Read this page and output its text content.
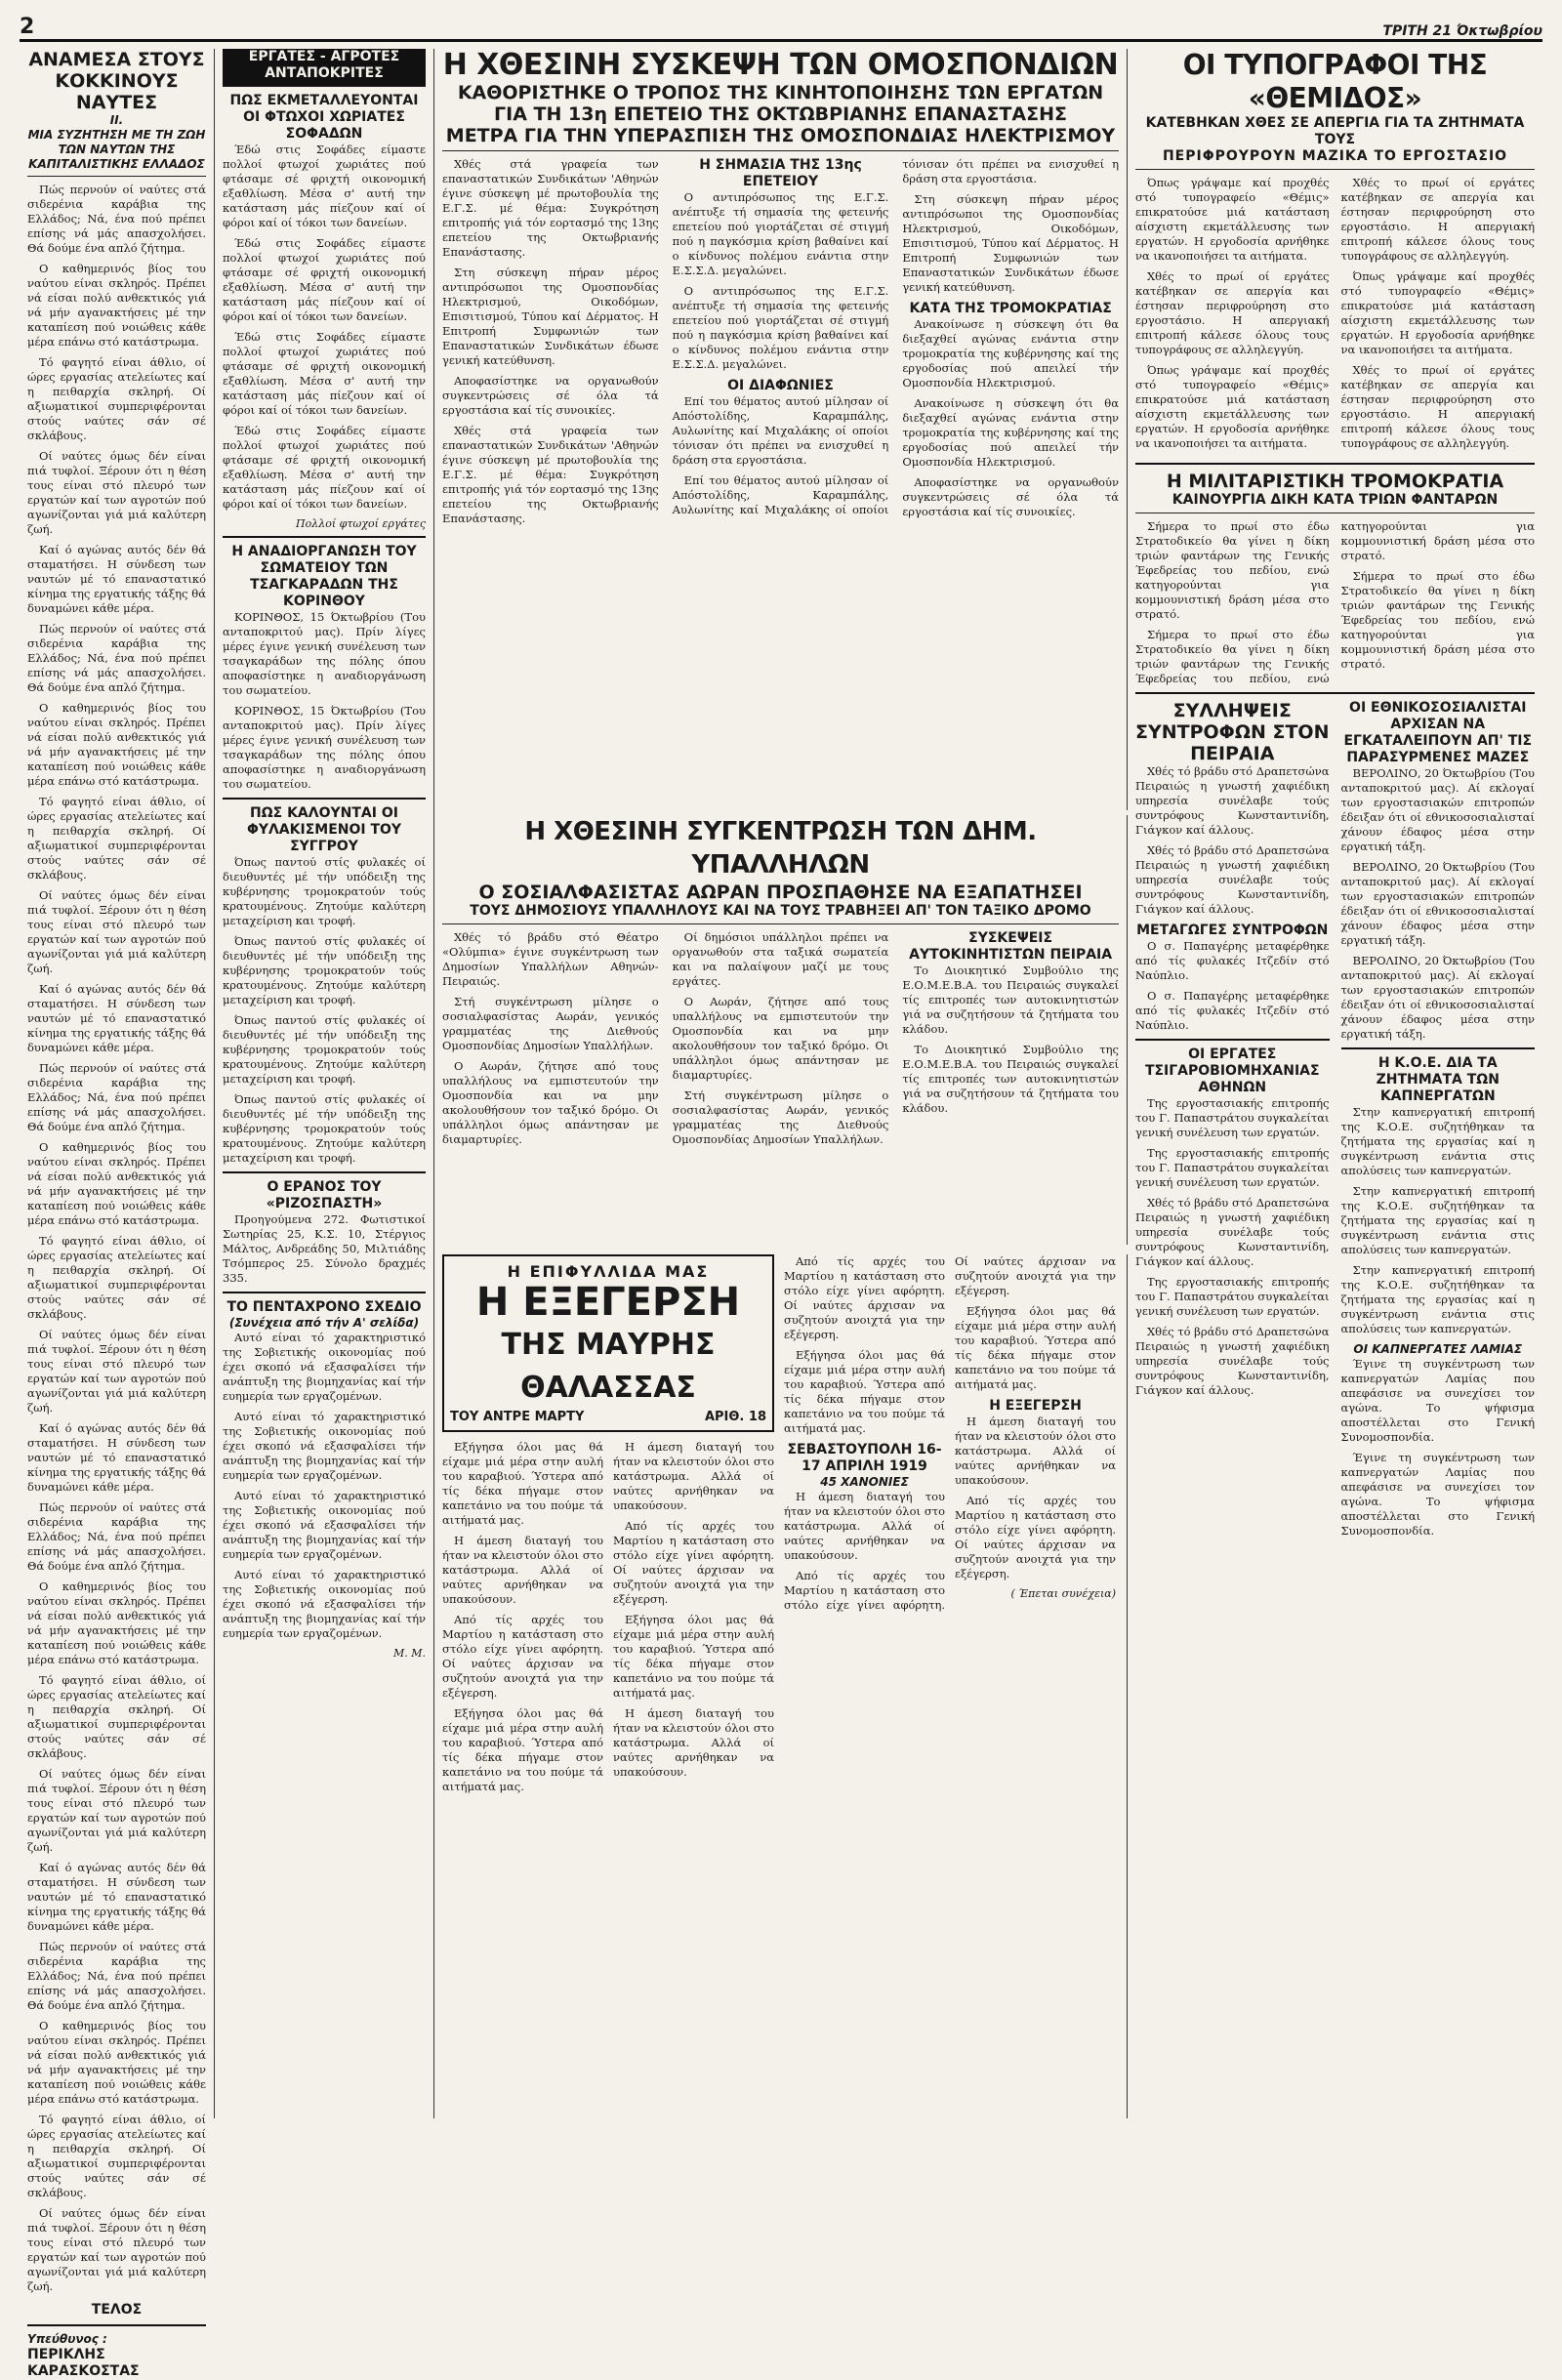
2	ΤΡΙΤΗ 21 Όκτωβρίου
ΑΝΑΜΕΣΑ ΣΤΟΥΣ ΚΟΚΚΙΝΟΥΣ ΝΑΥΤΕΣ
II.
ΜΙΑ ΣΥΖΗΤΗΣΗ ΜΕ ΤΗ ΖΩΗ ΤΩΝ ΝΑΥΤΩΝ ΤΗΣ ΚΑΠΙΤΑΛΙΣΤΙΚΗΣ ΕΛΛΑΔΟΣ

Πώς περνούν οί ναύτες στά σιδερένια καράβια της Ελλάδος; Νά, ένα πού πρέπει επίσης νά μάς απασχολήσει. Θά δούμε ένα απλό ζήτημα.

Ο καθημερινός βίος του ναύτου είναι σκληρός. Πρέπει νά είσαι πολύ ανθεκτικός γιά νά μήν αγανακτήσεις μέ την καταπίεση πού νοιώθεις κάθε μέρα επάνω στό κατάστρωμα.

Τό φαγητό είναι άθλιο, οί ώρες εργασίας ατελείωτες καί η πειθαρχία σκληρή. Οί αξιωματικοί συμπεριφέρονται στούς ναύτες σάν σέ σκλάβους.

Οί ναύτες όμως δέν είναι πιά τυφλοί. Ξέρουν ότι η θέση τους είναι στό πλευρό των εργατών καί των αγροτών πού αγωνίζονται γιά μιά καλύτερη ζωή.

Καί ό αγώνας αυτός δέν θά σταματήσει. Η σύνδεση των ναυτών μέ τό επαναστατικό κίνημα της εργατικής τάξης θά δυναμώνει κάθε μέρα.

Πώς περνούν οί ναύτες στά σιδερένια καράβια της Ελλάδος; Νά, ένα πού πρέπει επίσης νά μάς απασχολήσει. Θά δούμε ένα απλό ζήτημα.

Ο καθημερινός βίος του ναύτου είναι σκληρός. Πρέπει νά είσαι πολύ ανθεκτικός γιά νά μήν αγανακτήσεις μέ την καταπίεση πού νοιώθεις κάθε μέρα επάνω στό κατάστρωμα.

Τό φαγητό είναι άθλιο, οί ώρες εργασίας ατελείωτες καί η πειθαρχία σκληρή. Οί αξιωματικοί συμπεριφέρονται στούς ναύτες σάν σέ σκλάβους.

Οί ναύτες όμως δέν είναι πιά τυφλοί. Ξέρουν ότι η θέση τους είναι στό πλευρό των εργατών καί των αγροτών πού αγωνίζονται γιά μιά καλύτερη ζωή.

Καί ό αγώνας αυτός δέν θά σταματήσει. Η σύνδεση των ναυτών μέ τό επαναστατικό κίνημα της εργατικής τάξης θά δυναμώνει κάθε μέρα.

Πώς περνούν οί ναύτες στά σιδερένια καράβια της Ελλάδος; Νά, ένα πού πρέπει επίσης νά μάς απασχολήσει. Θά δούμε ένα απλό ζήτημα.

Ο καθημερινός βίος του ναύτου είναι σκληρός. Πρέπει νά είσαι πολύ ανθεκτικός γιά νά μήν αγανακτήσεις μέ την καταπίεση πού νοιώθεις κάθε μέρα επάνω στό κατάστρωμα.

Τό φαγητό είναι άθλιο, οί ώρες εργασίας ατελείωτες καί η πειθαρχία σκληρή. Οί αξιωματικοί συμπεριφέρονται στούς ναύτες σάν σέ σκλάβους.

Οί ναύτες όμως δέν είναι πιά τυφλοί. Ξέρουν ότι η θέση τους είναι στό πλευρό των εργατών καί των αγροτών πού αγωνίζονται γιά μιά καλύτερη ζωή.

Καί ό αγώνας αυτός δέν θά σταματήσει. Η σύνδεση των ναυτών μέ τό επαναστατικό κίνημα της εργατικής τάξης θά δυναμώνει κάθε μέρα.

Πώς περνούν οί ναύτες στά σιδερένια καράβια της Ελλάδος; Νά, ένα πού πρέπει επίσης νά μάς απασχολήσει. Θά δούμε ένα απλό ζήτημα.

Ο καθημερινός βίος του ναύτου είναι σκληρός. Πρέπει νά είσαι πολύ ανθεκτικός γιά νά μήν αγανακτήσεις μέ την καταπίεση πού νοιώθεις κάθε μέρα επάνω στό κατάστρωμα.

Τό φαγητό είναι άθλιο, οί ώρες εργασίας ατελείωτες καί η πειθαρχία σκληρή. Οί αξιωματικοί συμπεριφέρονται στούς ναύτες σάν σέ σκλάβους.

Οί ναύτες όμως δέν είναι πιά τυφλοί. Ξέρουν ότι η θέση τους είναι στό πλευρό των εργατών καί των αγροτών πού αγωνίζονται γιά μιά καλύτερη ζωή.

Καί ό αγώνας αυτός δέν θά σταματήσει. Η σύνδεση των ναυτών μέ τό επαναστατικό κίνημα της εργατικής τάξης θά δυναμώνει κάθε μέρα.

Πώς περνούν οί ναύτες στά σιδερένια καράβια της Ελλάδος; Νά, ένα πού πρέπει επίσης νά μάς απασχολήσει. Θά δούμε ένα απλό ζήτημα.

Ο καθημερινός βίος του ναύτου είναι σκληρός. Πρέπει νά είσαι πολύ ανθεκτικός γιά νά μήν αγανακτήσεις μέ την καταπίεση πού νοιώθεις κάθε μέρα επάνω στό κατάστρωμα.

Τό φαγητό είναι άθλιο, οί ώρες εργασίας ατελείωτες καί η πειθαρχία σκληρή. Οί αξιωματικοί συμπεριφέρονται στούς ναύτες σάν σέ σκλάβους.

Οί ναύτες όμως δέν είναι πιά τυφλοί. Ξέρουν ότι η θέση τους είναι στό πλευρό των εργατών καί των αγροτών πού αγωνίζονται γιά μιά καλύτερη ζωή.

ΤΕΛΟΣ
Υπεύθυνος :
ΠΕΡΙΚΛΗΣ ΚΑΡΑΣΚΟΣΤΑΣ
ΕΡΓΑΤΕΣ - ΑΓΡΟΤΕΣ ΑΝΤΑΠΟΚΡΙΤΕΣ
ΠΩΣ ΕΚΜΕΤΑΛΛΕΥΟΝΤΑΙ ΟΙ ΦΤΩΧΟΙ ΧΩΡΙΑΤΕΣ ΣΟΦΑΔΩΝ

Έδώ στις Σοφάδες είμαστε πολλοί φτωχοί χωριάτες πού φτάσαμε σέ φριχτή οικονομική εξαθλίωση. Μέσα σ' αυτή την κατάσταση μάς πίεζουν καί οί φόροι καί οί τόκοι των δανείων.

Έδώ στις Σοφάδες είμαστε πολλοί φτωχοί χωριάτες πού φτάσαμε σέ φριχτή οικονομική εξαθλίωση. Μέσα σ' αυτή την κατάσταση μάς πίεζουν καί οί φόροι καί οί τόκοι των δανείων.

Έδώ στις Σοφάδες είμαστε πολλοί φτωχοί χωριάτες πού φτάσαμε σέ φριχτή οικονομική εξαθλίωση. Μέσα σ' αυτή την κατάσταση μάς πίεζουν καί οί φόροι καί οί τόκοι των δανείων.

Έδώ στις Σοφάδες είμαστε πολλοί φτωχοί χωριάτες πού φτάσαμε σέ φριχτή οικονομική εξαθλίωση. Μέσα σ' αυτή την κατάσταση μάς πίεζουν καί οί φόροι καί οί τόκοι των δανείων.

Πολλοί φτωχοί εργάτες
Η ΑΝΑΔΙΟΡΓΑΝΩΣΗ ΤΟΥ ΣΩΜΑΤΕΙΟΥ ΤΩΝ ΤΣΑΓΚΑΡΑΔΩΝ ΤΗΣ ΚΟΡΙΝΘΟΥ

ΚΟΡΙΝΘΟΣ, 15 Όκτωβρίου (Του ανταποκριτού μας). Πρίν λίγες μέρες έγινε γενική συνέλευση των τσαγκαράδων της πόλης όπου αποφασίστηκε η αναδιοργάνωση του σωματείου.

ΚΟΡΙΝΘΟΣ, 15 Όκτωβρίου (Του ανταποκριτού μας). Πρίν λίγες μέρες έγινε γενική συνέλευση των τσαγκαράδων της πόλης όπου αποφασίστηκε η αναδιοργάνωση του σωματείου.

ΠΩΣ ΚΑΛΟΥΝΤΑΙ ΟΙ ΦΥΛΑΚΙΣΜΕΝΟΙ ΤΟΥ ΣΥΓΓΡΟΥ

Όπως παντού στίς φυλακές οί διευθυντές μέ τήν υπόδειξη της κυβέρνησης τρομοκρατούν τούς κρατουμένους. Ζητούμε καλύτερη μεταχείριση και τροφή.

Όπως παντού στίς φυλακές οί διευθυντές μέ τήν υπόδειξη της κυβέρνησης τρομοκρατούν τούς κρατουμένους. Ζητούμε καλύτερη μεταχείριση και τροφή.

Όπως παντού στίς φυλακές οί διευθυντές μέ τήν υπόδειξη της κυβέρνησης τρομοκρατούν τούς κρατουμένους. Ζητούμε καλύτερη μεταχείριση και τροφή.

Όπως παντού στίς φυλακές οί διευθυντές μέ τήν υπόδειξη της κυβέρνησης τρομοκρατούν τούς κρατουμένους. Ζητούμε καλύτερη μεταχείριση και τροφή.

Ο ΕΡΑΝΟΣ ΤΟΥ «ΡΙΖΟΣΠΑΣΤΗ»

Προηγούμενα 272. Φωτιστικοί Σωτηρίας 25, Κ.Σ. 10, Στέργιος Μάλτος, Ανδρεάδης 50, Μιλτιάδης Τσόμπερος 25. Σύνολο δραχμές 335.

ΤΟ ΠΕΝΤΑΧΡΟΝΟ ΣΧΕΔΙΟ
(Συνέχεια από τήν Α' σελίδα)

Αυτό είναι τό χαρακτηριστικό της Σοβιετικής οικονομίας πού έχει σκοπό νά εξασφαλίσει τήν ανάπτυξη της βιομηχανίας καί τήν ευημερία των εργαζομένων.

Αυτό είναι τό χαρακτηριστικό της Σοβιετικής οικονομίας πού έχει σκοπό νά εξασφαλίσει τήν ανάπτυξη της βιομηχανίας καί τήν ευημερία των εργαζομένων.

Αυτό είναι τό χαρακτηριστικό της Σοβιετικής οικονομίας πού έχει σκοπό νά εξασφαλίσει τήν ανάπτυξη της βιομηχανίας καί τήν ευημερία των εργαζομένων.

Αυτό είναι τό χαρακτηριστικό της Σοβιετικής οικονομίας πού έχει σκοπό νά εξασφαλίσει τήν ανάπτυξη της βιομηχανίας καί τήν ευημερία των εργαζομένων.

Μ. Μ.
Η ΧΘΕΣΙΝΗ ΣΥΣΚΕΨΗ ΤΩΝ ΟΜΟΣΠΟΝΔΙΩΝ
ΚΑΘΟΡΙΣΤΗΚΕ Ο ΤΡΟΠΟΣ ΤΗΣ ΚΙΝΗΤΟΠΟΙΗΣΗΣ ΤΩΝ ΕΡΓΑΤΩΝ ΓΙΑ ΤΗ 13η ΕΠΕΤΕΙΟ ΤΗΣ ΟΚΤΩΒΡΙΑΝΗΣ ΕΠΑΝΑΣΤΑΣΗΣ
ΜΕΤΡΑ ΓΙΑ ΤΗΝ ΥΠΕΡΑΣΠΙΣΗ ΤΗΣ ΟΜΟΣΠΟΝΔΙΑΣ ΗΛΕΚΤΡΙΣΜΟΥ

Χθές στά γραφεία των επαναστατικών Συνδικάτων 'Αθηνών έγινε σύσκεψη μέ πρωτοβουλία της Ε.Γ.Σ. μέ θέμα: Συγκρότηση επιτροπής γιά τόν εορτασμό της 13ης επετείου της Οκτωβριανής Επανάστασης.

Στη σύσκεψη πήραν μέρος αντιπρόσωποι της Ομοσπονδίας Ηλεκτρισμού, Οικοδόμων, Επισιτισμού, Τύπου καί Δέρματος. Η Επιτροπή Συμφωνιών των Επαναστατικών Συνδικάτων έδωσε γενική κατεύθυνση.

Αποφασίστηκε να οργανωθούν συγκεντρώσεις σέ όλα τά εργοστάσια καί τίς συνοικίες.

Χθές στά γραφεία των επαναστατικών Συνδικάτων 'Αθηνών έγινε σύσκεψη μέ πρωτοβουλία της Ε.Γ.Σ. μέ θέμα: Συγκρότηση επιτροπής γιά τόν εορτασμό της 13ης επετείου της Οκτωβριανής Επανάστασης.

Η ΣΗΜΑΣΙΑ ΤΗΣ 13ης ΕΠΕΤΕΙΟΥ

Ο αντιπρόσωπος της Ε.Γ.Σ. ανέπτυξε τή σημασία της φετεινής επετείου πού γιορτάζεται σέ στιγμή πού η παγκόσμια κρίση βαθαίνει καί ο κίνδυνος πολέμου ενάντια στην Ε.Σ.Σ.Δ. μεγαλώνει.

Ο αντιπρόσωπος της Ε.Γ.Σ. ανέπτυξε τή σημασία της φετεινής επετείου πού γιορτάζεται σέ στιγμή πού η παγκόσμια κρίση βαθαίνει καί ο κίνδυνος πολέμου ενάντια στην Ε.Σ.Σ.Δ. μεγαλώνει.

ΟΙ ΔΙΑΦΩΝΙΕΣ

Επί του θέματος αυτού μίλησαν οί Απόστολίδης, Καραμπάλης, Αυλωνίτης καί Μιχαλάκης οί οποίοι τόνισαν ότι πρέπει να ενισχυθεί η δράση στα εργοστάσια.

Επί του θέματος αυτού μίλησαν οί Απόστολίδης, Καραμπάλης, Αυλωνίτης καί Μιχαλάκης οί οποίοι τόνισαν ότι πρέπει να ενισχυθεί η δράση στα εργοστάσια.

Στη σύσκεψη πήραν μέρος αντιπρόσωποι της Ομοσπονδίας Ηλεκτρισμού, Οικοδόμων, Επισιτισμού, Τύπου καί Δέρματος. Η Επιτροπή Συμφωνιών των Επαναστατικών Συνδικάτων έδωσε γενική κατεύθυνση.

ΚΑΤΑ ΤΗΣ ΤΡΟΜΟΚΡΑΤΙΑΣ

Ανακοίνωσε η σύσκεψη ότι θα διεξαχθεί αγώνας ενάντια στην τρομοκρατία της κυβέρνησης καί της εργοδοσίας πού απειλεί τήν Ομοσπονδία Ηλεκτρισμού.

Ανακοίνωσε η σύσκεψη ότι θα διεξαχθεί αγώνας ενάντια στην τρομοκρατία της κυβέρνησης καί της εργοδοσίας πού απειλεί τήν Ομοσπονδία Ηλεκτρισμού.

Αποφασίστηκε να οργανωθούν συγκεντρώσεις σέ όλα τά εργοστάσια καί τίς συνοικίες.

Η ΧΘΕΣΙΝΗ ΣΥΓΚΕΝΤΡΩΣΗ ΤΩΝ ΔΗΜ. ΥΠΑΛΛΗΛΩΝ
Ο ΣΟΣΙΑΛΦΑΣΙΣΤΑΣ ΑΩΡΑΝ ΠΡΟΣΠΑΘΗΣΕ ΝΑ ΕΞΑΠΑΤΗΣΕΙ
ΤΟΥΣ ΔΗΜΟΣΙΟΥΣ ΥΠΑΛΛΗΛΟΥΣ ΚΑΙ ΝΑ ΤΟΥΣ ΤΡΑΒΗΞΕΙ ΑΠ' ΤΟΝ ΤΑΞΙΚΟ ΔΡΟΜΟ

Χθές τό βράδυ στό Θέατρο «Ολύμπια» έγινε συγκέντρωση των Δημοσίων Υπαλλήλων Αθηνών-Πειραιώς.

Στή συγκέντρωση μίλησε ο σοσιαλφασίστας Αωράν, γενικός γραμματέας της Διεθνούς Ομοσπονδίας Δημοσίων Υπαλλήλων.

Ο Αωράν, ζήτησε από τους υπαλλήλους να εμπιστευτούν την Ομοσπονδία και να μην ακολουθήσουν τον ταξικό δρόμο. Οι υπάλληλοι όμως απάντησαν με διαμαρτυρίες.

Οί δημόσιοι υπάλληλοι πρέπει να οργανωθούν στα ταξικά σωματεία και να παλαίψουν μαζί με τους εργάτες.

Ο Αωράν, ζήτησε από τους υπαλλήλους να εμπιστευτούν την Ομοσπονδία και να μην ακολουθήσουν τον ταξικό δρόμο. Οι υπάλληλοι όμως απάντησαν με διαμαρτυρίες.

Στή συγκέντρωση μίλησε ο σοσιαλφασίστας Αωράν, γενικός γραμματέας της Διεθνούς Ομοσπονδίας Δημοσίων Υπαλλήλων.

ΣΥΣΚΕΨΕΙΣ ΑΥΤΟΚΙΝΗΤΙΣΤΩΝ ΠΕΙΡΑΙΑ

Το Διοικητικό Συμβούλιο της Ε.Ο.Μ.Ε.Β.Α. του Πειραιώς συγκαλεί τίς επιτροπές των αυτοκινητιστών γιά να συζητήσουν τά ζητήματα του κλάδου.

Το Διοικητικό Συμβούλιο της Ε.Ο.Μ.Ε.Β.Α. του Πειραιώς συγκαλεί τίς επιτροπές των αυτοκινητιστών γιά να συζητήσουν τά ζητήματα του κλάδου.

Η ΕΠΙΦΥΛΛΙΔΑ ΜΑΣ
Η ΕΞΕΓΕΡΣΗ
ΤΗΣ ΜΑΥΡΗΣ ΘΑΛΑΣΣΑΣ
ΤΟΥ ΑΝΤΡΕ ΜΑΡΤΥ	ΑΡΙΘ. 18

Εξήγησα όλοι μας θά είχαμε μιά μέρα στην αυλή του καραβιού. Ύστερα από τίς δέκα πήγαμε στον καπετάνιο να του πούμε τά αιτήματά μας.

Η άμεση διαταγή του ήταν να κλειστούν όλοι στο κατάστρωμα. Αλλά οί ναύτες αρνήθηκαν να υπακούσουν.

Από τίς αρχές του Μαρτίου η κατάσταση στο στόλο είχε γίνει αφόρητη. Οί ναύτες άρχισαν να συζητούν ανοιχτά για την εξέγερση.

Εξήγησα όλοι μας θά είχαμε μιά μέρα στην αυλή του καραβιού. Ύστερα από τίς δέκα πήγαμε στον καπετάνιο να του πούμε τά αιτήματά μας.

Η άμεση διαταγή του ήταν να κλειστούν όλοι στο κατάστρωμα. Αλλά οί ναύτες αρνήθηκαν να υπακούσουν.

Από τίς αρχές του Μαρτίου η κατάσταση στο στόλο είχε γίνει αφόρητη. Οί ναύτες άρχισαν να συζητούν ανοιχτά για την εξέγερση.

Εξήγησα όλοι μας θά είχαμε μιά μέρα στην αυλή του καραβιού. Ύστερα από τίς δέκα πήγαμε στον καπετάνιο να του πούμε τά αιτήματά μας.

Η άμεση διαταγή του ήταν να κλειστούν όλοι στο κατάστρωμα. Αλλά οί ναύτες αρνήθηκαν να υπακούσουν.

Από τίς αρχές του Μαρτίου η κατάσταση στο στόλο είχε γίνει αφόρητη. Οί ναύτες άρχισαν να συζητούν ανοιχτά για την εξέγερση.

Εξήγησα όλοι μας θά είχαμε μιά μέρα στην αυλή του καραβιού. Ύστερα από τίς δέκα πήγαμε στον καπετάνιο να του πούμε τά αιτήματά μας.

ΣΕΒΑΣΤΟΥΠΟΛΗ 16-17 ΑΠΡΙΛΗ 1919
45 ΧΑΝΟΝΙΕΣ

Η άμεση διαταγή του ήταν να κλειστούν όλοι στο κατάστρωμα. Αλλά οί ναύτες αρνήθηκαν να υπακούσουν.

Από τίς αρχές του Μαρτίου η κατάσταση στο στόλο είχε γίνει αφόρητη. Οί ναύτες άρχισαν να συζητούν ανοιχτά για την εξέγερση.

Εξήγησα όλοι μας θά είχαμε μιά μέρα στην αυλή του καραβιού. Ύστερα από τίς δέκα πήγαμε στον καπετάνιο να του πούμε τά αιτήματά μας.

Η ΕΞΕΓΕΡΣΗ

Η άμεση διαταγή του ήταν να κλειστούν όλοι στο κατάστρωμα. Αλλά οί ναύτες αρνήθηκαν να υπακούσουν.

Από τίς αρχές του Μαρτίου η κατάσταση στο στόλο είχε γίνει αφόρητη. Οί ναύτες άρχισαν να συζητούν ανοιχτά για την εξέγερση.

( Έπεται συνέχεια)
ΟΙ ΤΥΠΟΓΡΑΦΟΙ ΤΗΣ «ΘΕΜΙΔΟΣ»
ΚΑΤΕΒΗΚΑΝ ΧΘΕΣ ΣΕ ΑΠΕΡΓΙΑ ΓΙΑ ΤΑ ΖΗΤΗΜΑΤΑ ΤΟΥΣ
ΠΕΡΙΦΡΟΥΡΟΥΝ ΜΑΖΙΚΑ ΤΟ ΕΡΓΟΣΤΑΣΙΟ

Όπως γράψαμε καί προχθές στό τυπογραφείο «Θέμις» επικρατούσε μιά κατάσταση αίσχιστη εκμετάλλευσης των εργατών. Η εργοδοσία αρνήθηκε να ικανοποιήσει τα αιτήματα.

Χθές το πρωί οί εργάτες κατέβηκαν σε απεργία και έστησαν περιφρούρηση στο εργοστάσιο. Η απεργιακή επιτροπή κάλεσε όλους τους τυπογράφους σε αλληλεγγύη.

Όπως γράψαμε καί προχθές στό τυπογραφείο «Θέμις» επικρατούσε μιά κατάσταση αίσχιστη εκμετάλλευσης των εργατών. Η εργοδοσία αρνήθηκε να ικανοποιήσει τα αιτήματα.

Χθές το πρωί οί εργάτες κατέβηκαν σε απεργία και έστησαν περιφρούρηση στο εργοστάσιο. Η απεργιακή επιτροπή κάλεσε όλους τους τυπογράφους σε αλληλεγγύη.

Όπως γράψαμε καί προχθές στό τυπογραφείο «Θέμις» επικρατούσε μιά κατάσταση αίσχιστη εκμετάλλευσης των εργατών. Η εργοδοσία αρνήθηκε να ικανοποιήσει τα αιτήματα.

Χθές το πρωί οί εργάτες κατέβηκαν σε απεργία και έστησαν περιφρούρηση στο εργοστάσιο. Η απεργιακή επιτροπή κάλεσε όλους τους τυπογράφους σε αλληλεγγύη.

Η ΜΙΛΙΤΑΡΙΣΤΙΚΗ ΤΡΟΜΟΚΡΑΤΙΑ
ΚΑΙΝΟΥΡΓΙΑ ΔΙΚΗ ΚΑΤΑ ΤΡΙΩΝ ΦΑΝΤΑΡΩΝ

Σήμερα το πρωί στο έδω Στρατοδικείο θα γίνει η δίκη τριών φαντάρων της Γενικής Έφεδρείας του πεδίου, ενώ κατηγορούνται για κομμουνιστική δράση μέσα στο στρατό.

Σήμερα το πρωί στο έδω Στρατοδικείο θα γίνει η δίκη τριών φαντάρων της Γενικής Έφεδρείας του πεδίου, ενώ κατηγορούνται για κομμουνιστική δράση μέσα στο στρατό.

Σήμερα το πρωί στο έδω Στρατοδικείο θα γίνει η δίκη τριών φαντάρων της Γενικής Έφεδρείας του πεδίου, ενώ κατηγορούνται για κομμουνιστική δράση μέσα στο στρατό.

ΣΥΛΛΗΨΕΙΣ ΣΥΝΤΡΟΦΩΝ ΣΤΟΝ ΠΕΙΡΑΙΑ

Χθές τό βράδυ στό Δραπετσώνα Πειραιώς η γνωστή χαφιέδικη υπηρεσία συνέλαβε τούς συντρόφους Κωνσταντινίδη, Γιάγκον καί άλλους.

Χθές τό βράδυ στό Δραπετσώνα Πειραιώς η γνωστή χαφιέδικη υπηρεσία συνέλαβε τούς συντρόφους Κωνσταντινίδη, Γιάγκον καί άλλους.

ΜΕΤΑΓΩΓΕΣ ΣΥΝΤΡΟΦΩΝ

Ο σ. Παπαγέρης μεταφέρθηκε από τίς φυλακές Ιτζεδίν στό Ναύπλιο.

Ο σ. Παπαγέρης μεταφέρθηκε από τίς φυλακές Ιτζεδίν στό Ναύπλιο.

ΟΙ ΕΡΓΑΤΕΣ ΤΣΙΓΑΡΟΒΙΟΜΗΧΑΝΙΑΣ ΑΘΗΝΩΝ

Της εργοστασιακής επιτροπής του Γ. Παπαστράτου συγκαλείται γενική συνέλευση των εργατών.

Της εργοστασιακής επιτροπής του Γ. Παπαστράτου συγκαλείται γενική συνέλευση των εργατών.

Χθές τό βράδυ στό Δραπετσώνα Πειραιώς η γνωστή χαφιέδικη υπηρεσία συνέλαβε τούς συντρόφους Κωνσταντινίδη, Γιάγκον καί άλλους.

Της εργοστασιακής επιτροπής του Γ. Παπαστράτου συγκαλείται γενική συνέλευση των εργατών.

Χθές τό βράδυ στό Δραπετσώνα Πειραιώς η γνωστή χαφιέδικη υπηρεσία συνέλαβε τούς συντρόφους Κωνσταντινίδη, Γιάγκον καί άλλους.

ΟΙ ΕΘΝΙΚΟΣΟΣΙΑΛΙΣΤΑΙ ΑΡΧΙΣΑΝ ΝΑ ΕΓΚΑΤΑΛΕΙΠΟΥΝ ΑΠ' ΤΙΣ ΠΑΡΑΣΥΡΜΕΝΕΣ ΜΑΖΕΣ

ΒΕΡΟΛΙΝΟ, 20 Όκτωβρίου (Του ανταποκριτού μας). Αί εκλογαί των εργοστασιακών επιτροπών έδειξαν ότι οί εθνικοσοσιαλισταί χάνουν έδαφος μέσα στην εργατική τάξη.

ΒΕΡΟΛΙΝΟ, 20 Όκτωβρίου (Του ανταποκριτού μας). Αί εκλογαί των εργοστασιακών επιτροπών έδειξαν ότι οί εθνικοσοσιαλισταί χάνουν έδαφος μέσα στην εργατική τάξη.

ΒΕΡΟΛΙΝΟ, 20 Όκτωβρίου (Του ανταποκριτού μας). Αί εκλογαί των εργοστασιακών επιτροπών έδειξαν ότι οί εθνικοσοσιαλισταί χάνουν έδαφος μέσα στην εργατική τάξη.

Η Κ.Ο.Ε. ΔΙΑ ΤΑ ΖΗΤΗΜΑΤΑ ΤΩΝ ΚΑΠΝΕΡΓΑΤΩΝ

Στην καπνεργατική επιτροπή της Κ.Ο.Ε. συζητήθηκαν τα ζητήματα της εργασίας καί η συγκέντρωση ενάντια στις απολύσεις των καπνεργατών.

Στην καπνεργατική επιτροπή της Κ.Ο.Ε. συζητήθηκαν τα ζητήματα της εργασίας καί η συγκέντρωση ενάντια στις απολύσεις των καπνεργατών.

Στην καπνεργατική επιτροπή της Κ.Ο.Ε. συζητήθηκαν τα ζητήματα της εργασίας καί η συγκέντρωση ενάντια στις απολύσεις των καπνεργατών.

ΟΙ ΚΑΠΝΕΡΓΑΤΕΣ ΛΑΜΙΑΣ

Έγινε τη συγκέντρωση των καπνεργατών Λαμίας που απεφάσισε να συνεχίσει τον αγώνα. Το ψήφισμα αποστέλλεται στο Γενική Συνομοσπονδία.

Έγινε τη συγκέντρωση των καπνεργατών Λαμίας που απεφάσισε να συνεχίσει τον αγώνα. Το ψήφισμα αποστέλλεται στο Γενική Συνομοσπονδία.
